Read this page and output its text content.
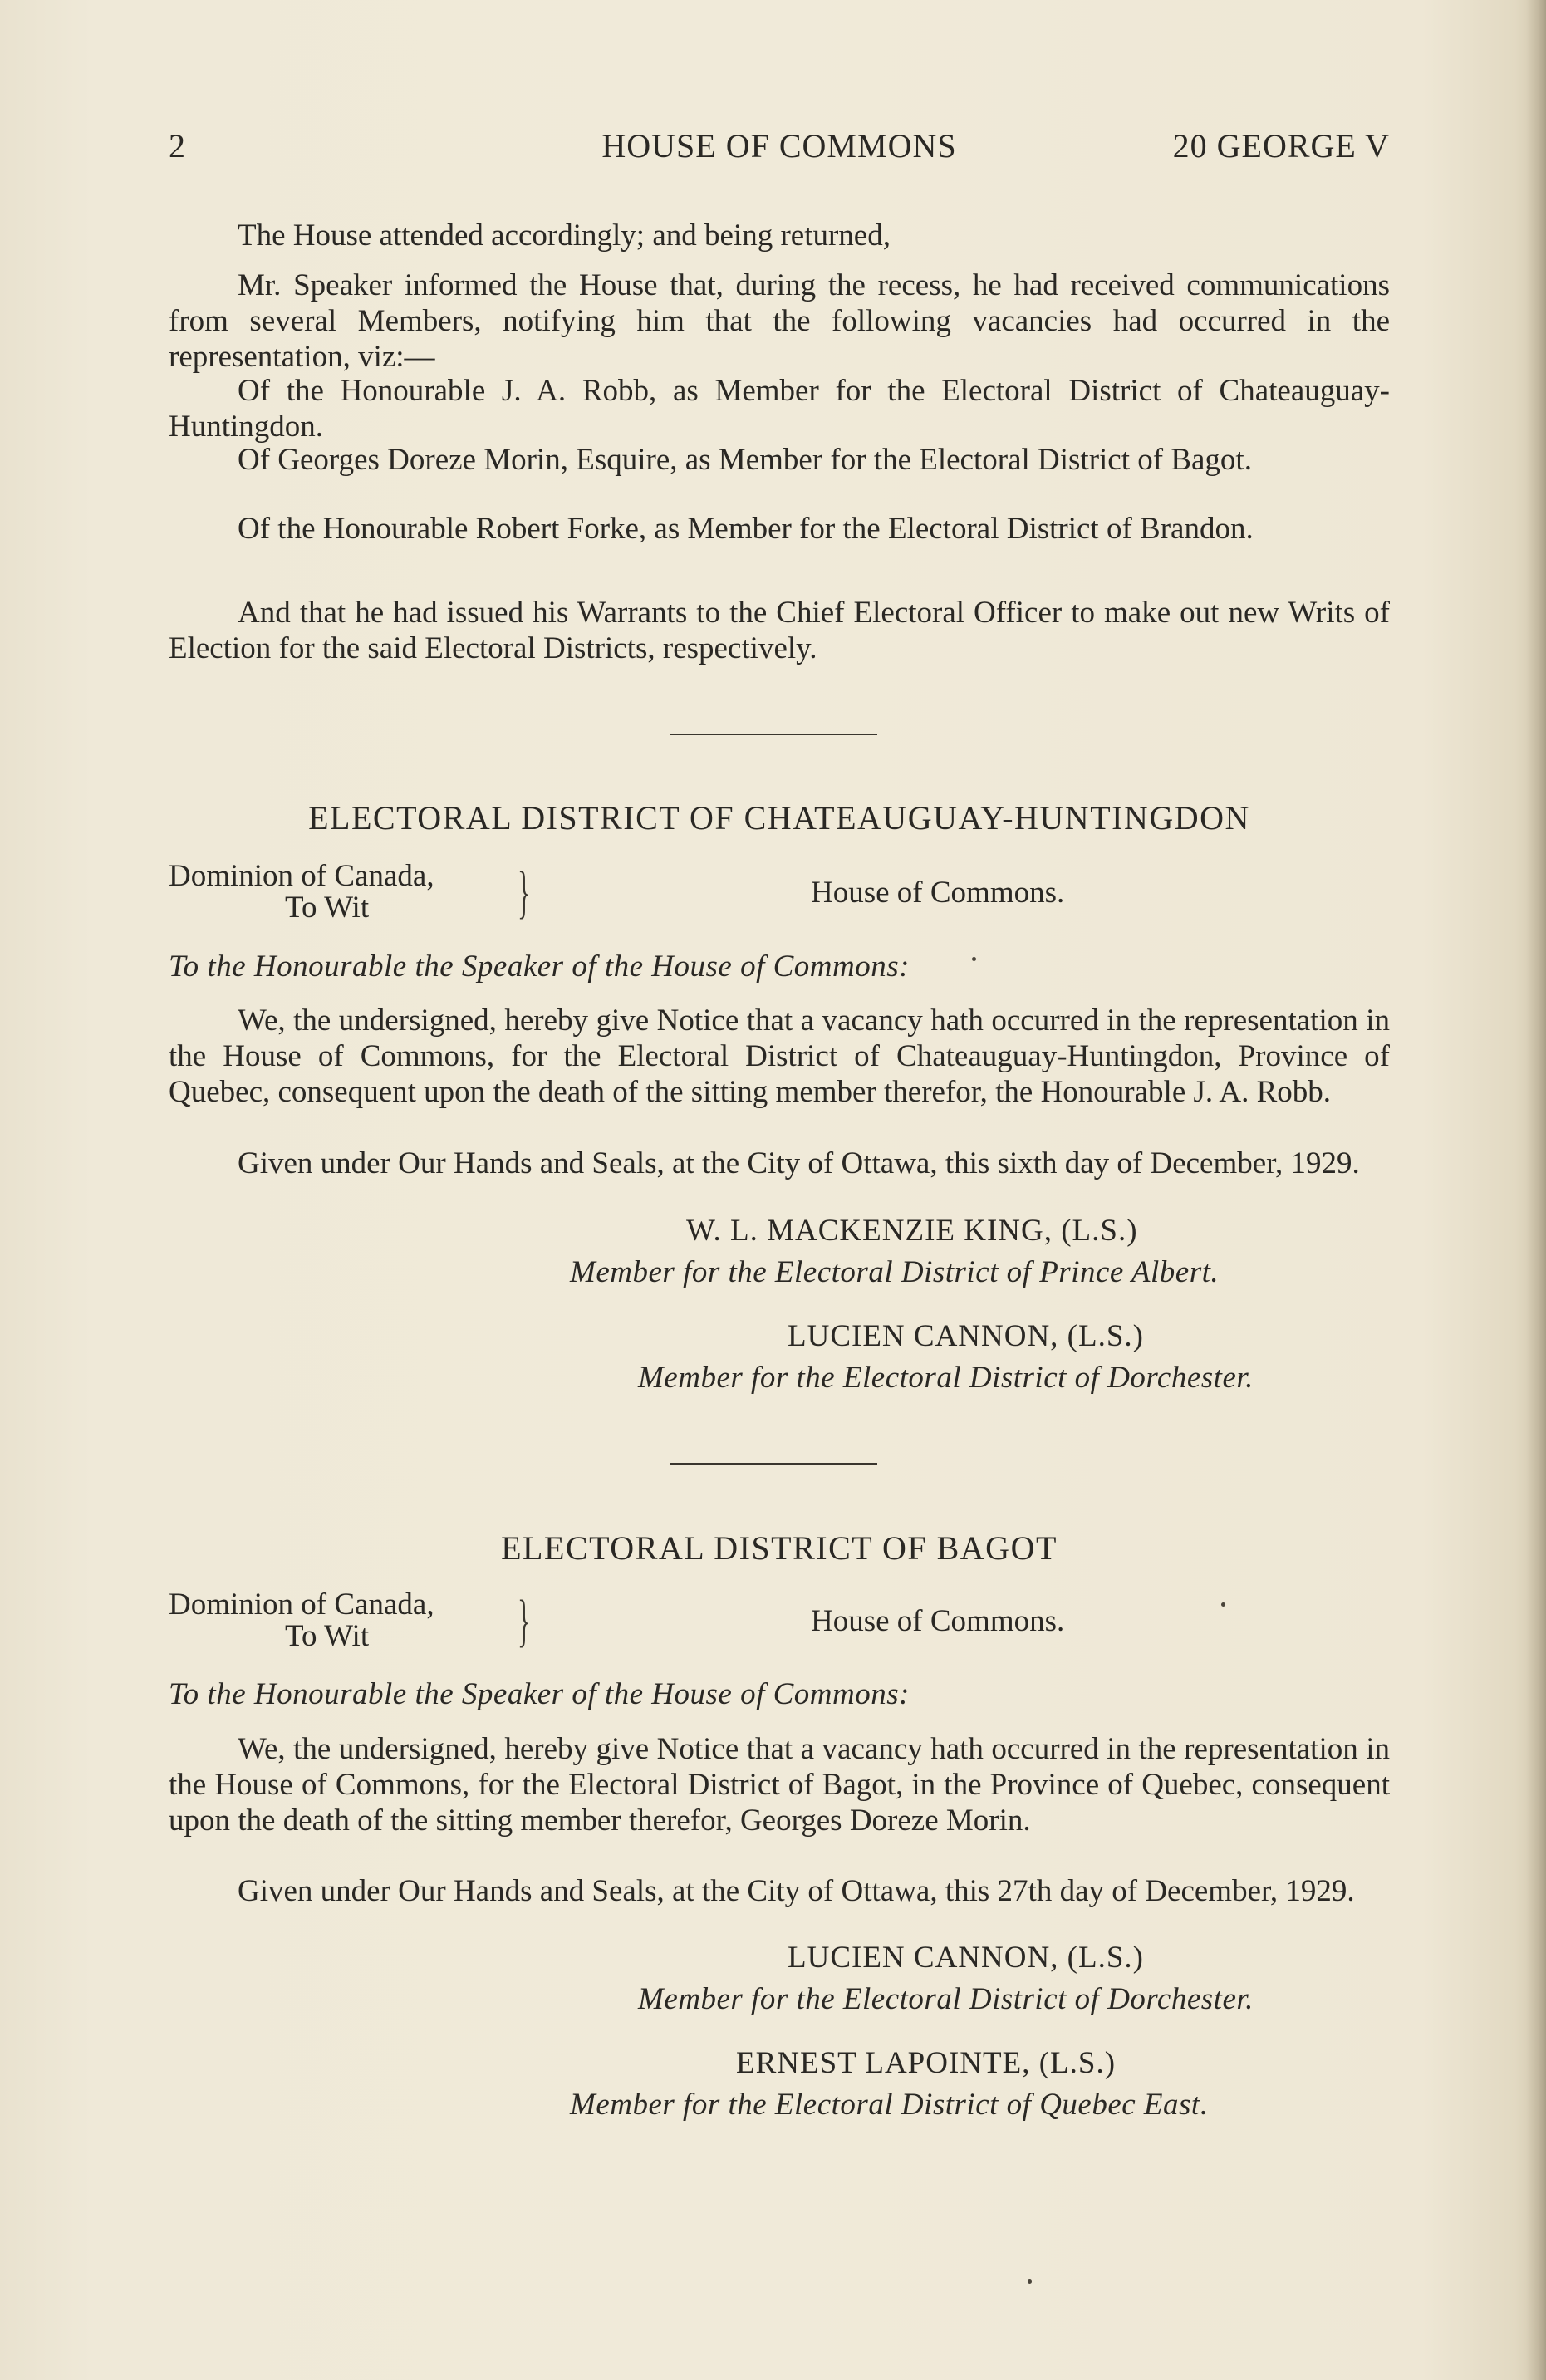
2	HOUSE OF COMMONS	20 GEORGE V
The House attended accordingly; and being returned,
Mr. Speaker informed the House that, during the recess, he had received communications from several Members, notifying him that the following vacancies had occurred in the representation, viz:—
Of the Honourable J. A. Robb, as Member for the Electoral District of Chateauguay-Huntingdon.
Of Georges Doreze Morin, Esquire, as Member for the Electoral District of Bagot.
Of the Honourable Robert Forke, as Member for the Electoral District of Brandon.
And that he had issued his Warrants to the Chief Electoral Officer to make out new Writs of Election for the said Electoral Districts, respectively.
ELECTORAL DISTRICT OF CHATEAUGUAY-HUNTINGDON
Dominion of Canada,
To Wit	}	House of Commons.
To the Honourable the Speaker of the House of Commons:
We, the undersigned, hereby give Notice that a vacancy hath occurred in the representation in the House of Commons, for the Electoral District of Chateauguay-Huntingdon, Province of Quebec, consequent upon the death of the sitting member therefor, the Honourable J. A. Robb.
Given under Our Hands and Seals, at the City of Ottawa, this sixth day of December, 1929.
W. L. MACKENZIE KING, (L.S.)
Member for the Electoral District of Prince Albert.
LUCIEN CANNON, (L.S.)
Member for the Electoral District of Dorchester.
ELECTORAL DISTRICT OF BAGOT
Dominion of Canada,
To Wit	}	House of Commons.
To the Honourable the Speaker of the House of Commons:
We, the undersigned, hereby give Notice that a vacancy hath occurred in the representation in the House of Commons, for the Electoral District of Bagot, in the Province of Quebec, consequent upon the death of the sitting member therefor, Georges Doreze Morin.
Given under Our Hands and Seals, at the City of Ottawa, this 27th day of December, 1929.
LUCIEN CANNON, (L.S.)
Member for the Electoral District of Dorchester.
ERNEST LAPOINTE, (L.S.)
Member for the Electoral District of Quebec East.
